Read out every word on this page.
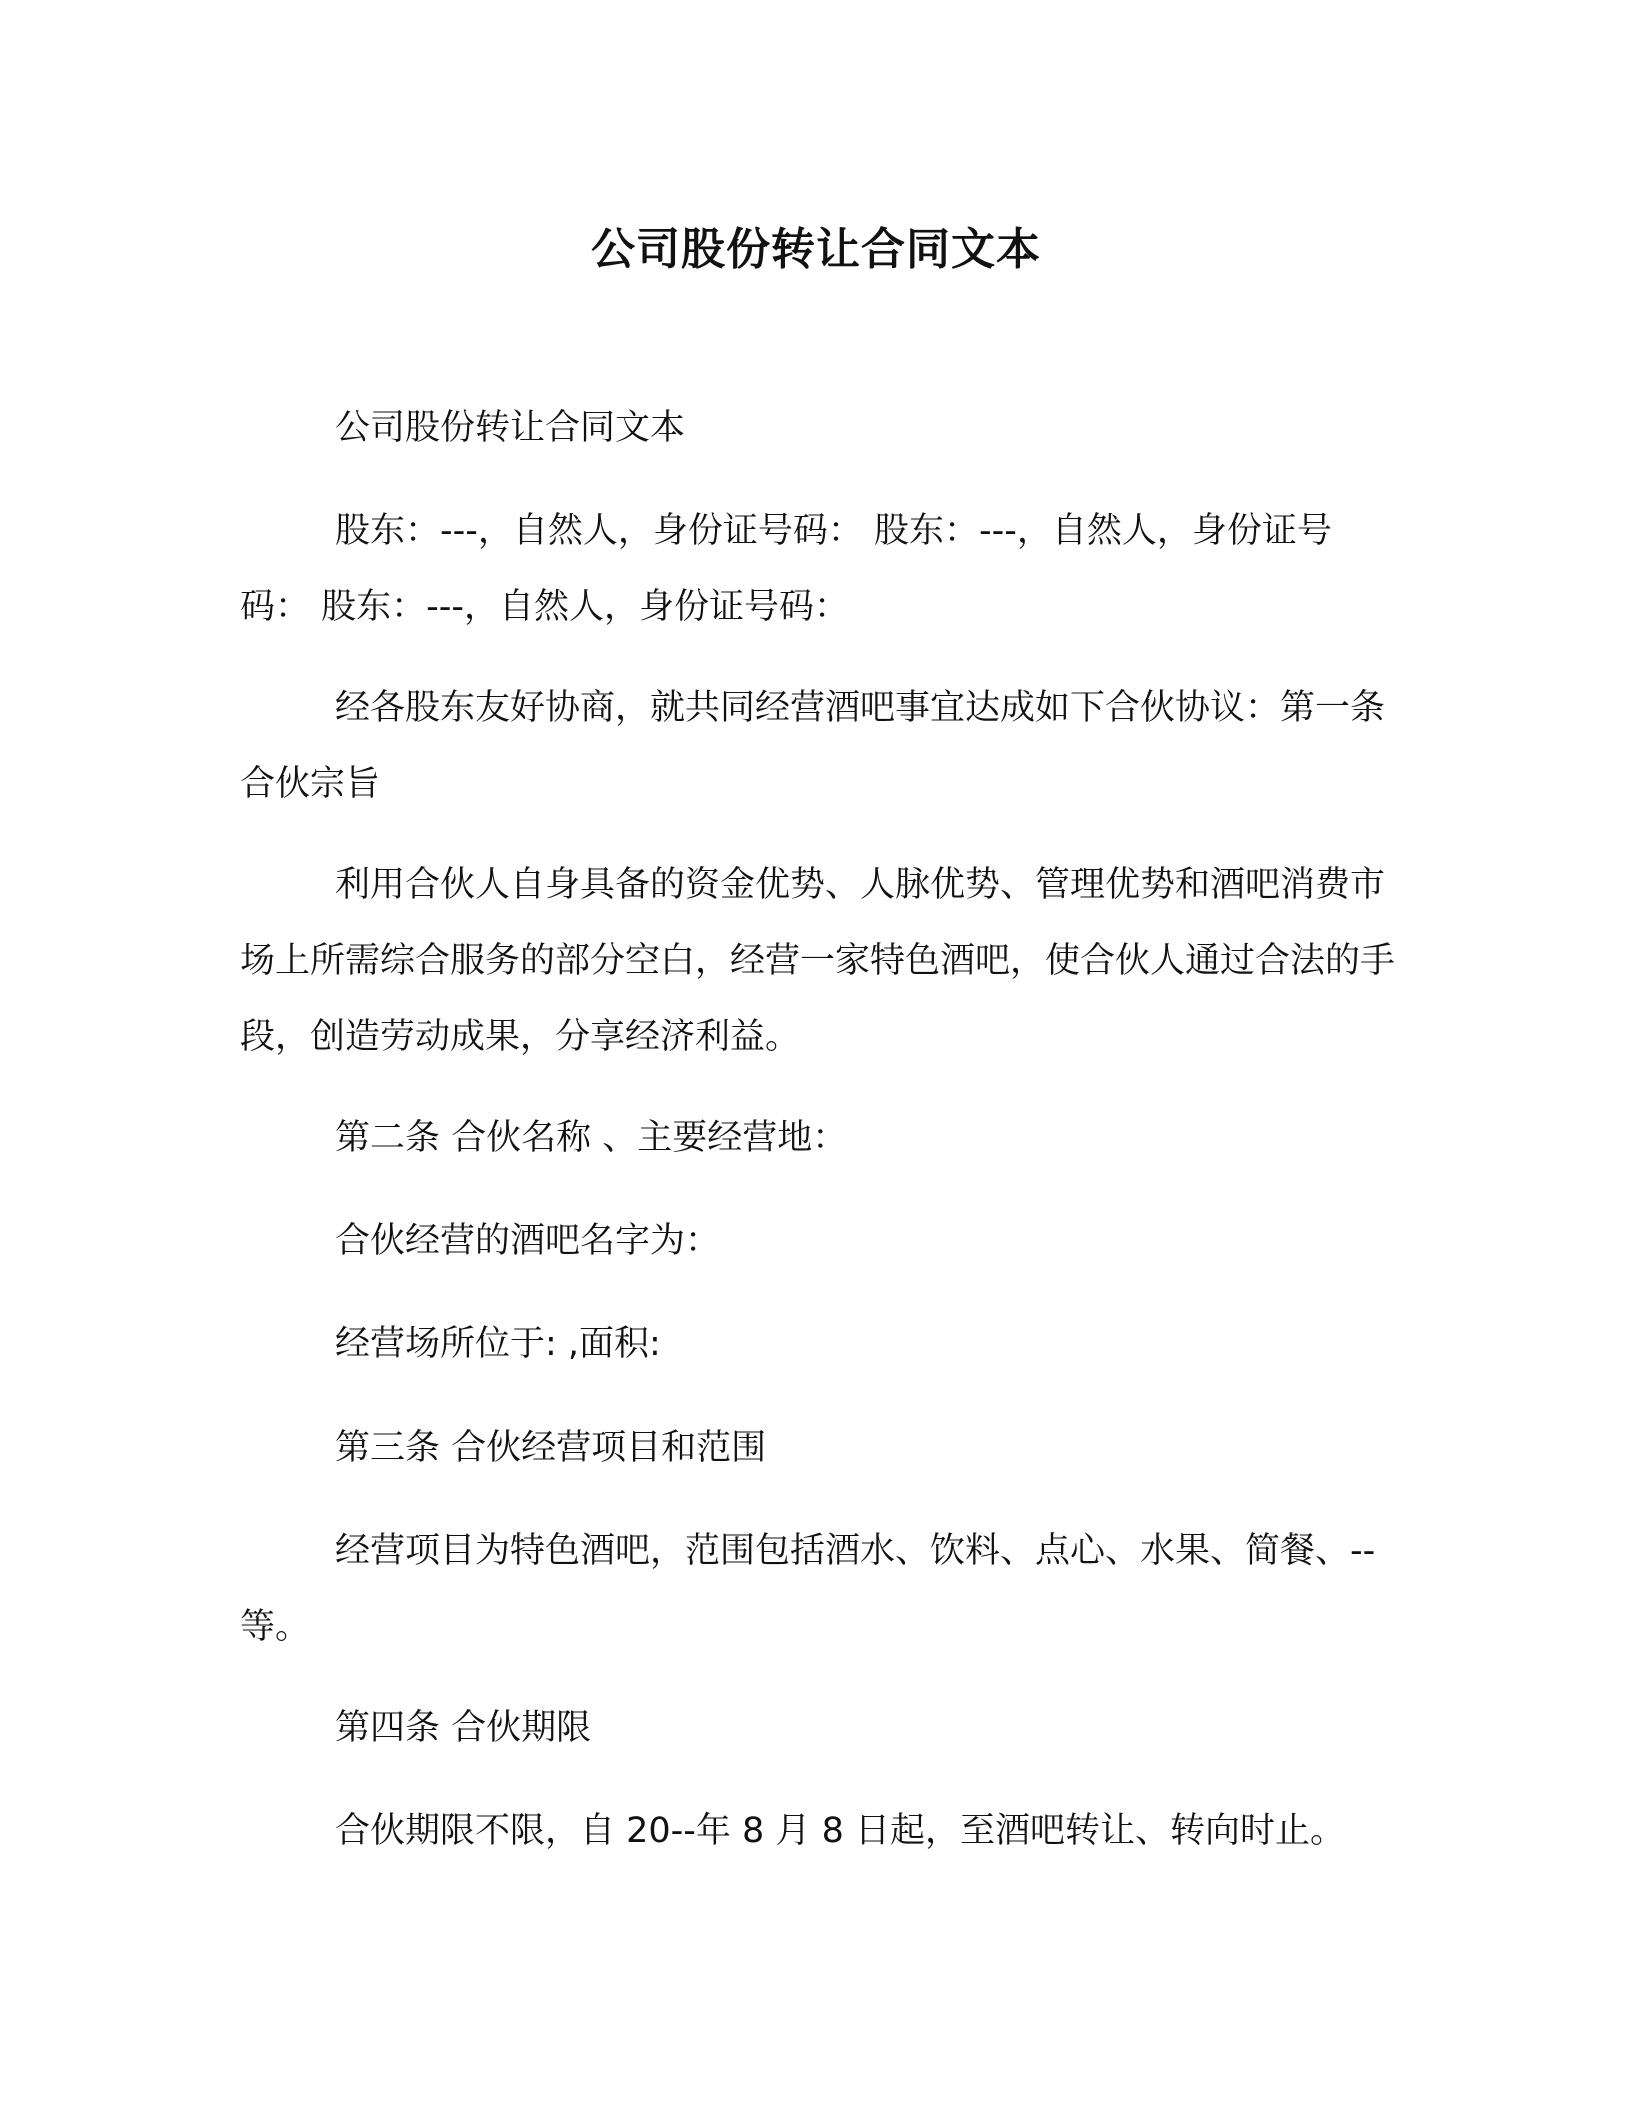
公司股份转让合同文本

公司股份转让合同文本

股东：---，自然人，身份证号码： 股东：---，自然人，身份证号码： 股东：---，自然人，身份证号码：

经各股东友好协商，就共同经营酒吧事宜达成如下合伙协议：第一条 合伙宗旨

利用合伙人自身具备的资金优势、人脉优势、管理优势和酒吧消费市场上所需综合服务的部分空白，经营一家特色酒吧，使合伙人通过合法的手段，创造劳动成果，分享经济利益。

第二条 合伙名称 、主要经营地：

合伙经营的酒吧名字为：

经营场所位于: ,面积:

第三条 合伙经营项目和范围

经营项目为特色酒吧，范围包括酒水、饮料、点心、水果、简餐、--等。

第四条 合伙期限

合伙期限不限，自 20--年 8 月 8 日起，至酒吧转让、转向时止。
